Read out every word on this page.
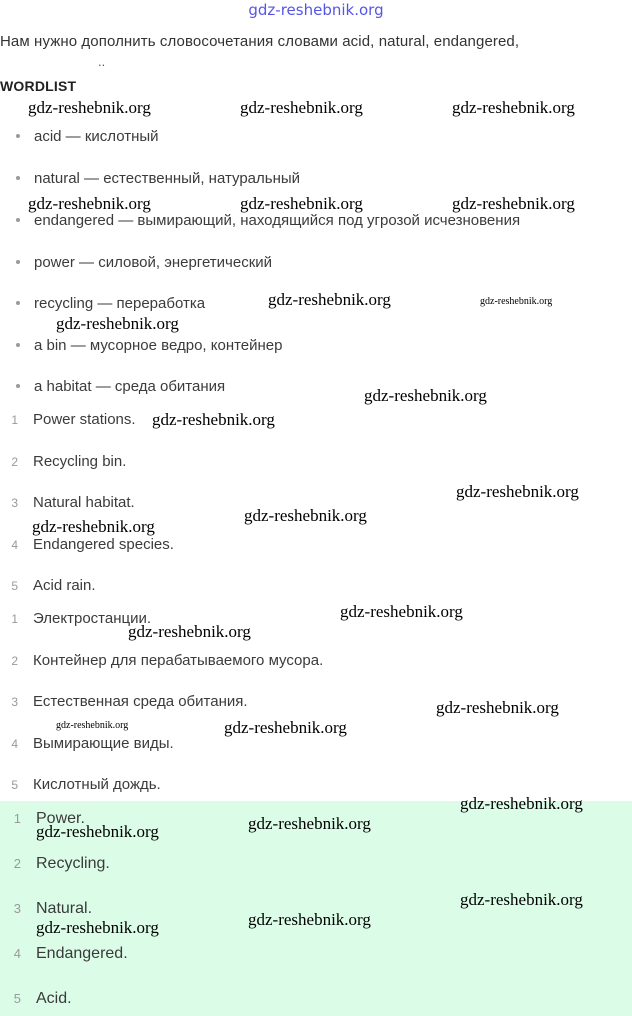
gdz-reshebnik.org
Нам нужно дополнить словосочетания словами acid, natural, endangered,
..
WORDLIST
acid — кислотный
natural — естественный, натуральный
endangered — вымирающий, находящийся под угрозой исчезновения
power — силовой, энергетический
recycling — переработка
a bin — мусорное ведро, контейнер
a habitat — среда обитания
1 Power stations.
2 Recycling bin.
3 Natural habitat.
4 Endangered species.
5 Acid rain.
1 Электростанции.
2 Контейнер для перабатываемого мусора.
3 Естественная среда обитания.
4 Вымирающие виды.
5 Кислотный дождь.
1 Power.
2 Recycling.
3 Natural.
4 Endangered.
5 Acid.
gdz-reshebnik.org	gdz-reshebnik.org	gdz-reshebnik.org
gdz-reshebnik.org	gdz-reshebnik.org	gdz-reshebnik.org
gdz-reshebnik.org	gdz-reshebnik.org
gdz-reshebnik.org
gdz-reshebnik.org
gdz-reshebnik.org
gdz-reshebnik.org
gdz-reshebnik.org
gdz-reshebnik.org
gdz-reshebnik.org
gdz-reshebnik.org
gdz-reshebnik.org
gdz-reshebnik.org	gdz-reshebnik.org
gdz-reshebnik.org
gdz-reshebnik.org	gdz-reshebnik.org
gdz-reshebnik.org
gdz-reshebnik.org	gdz-reshebnik.org
